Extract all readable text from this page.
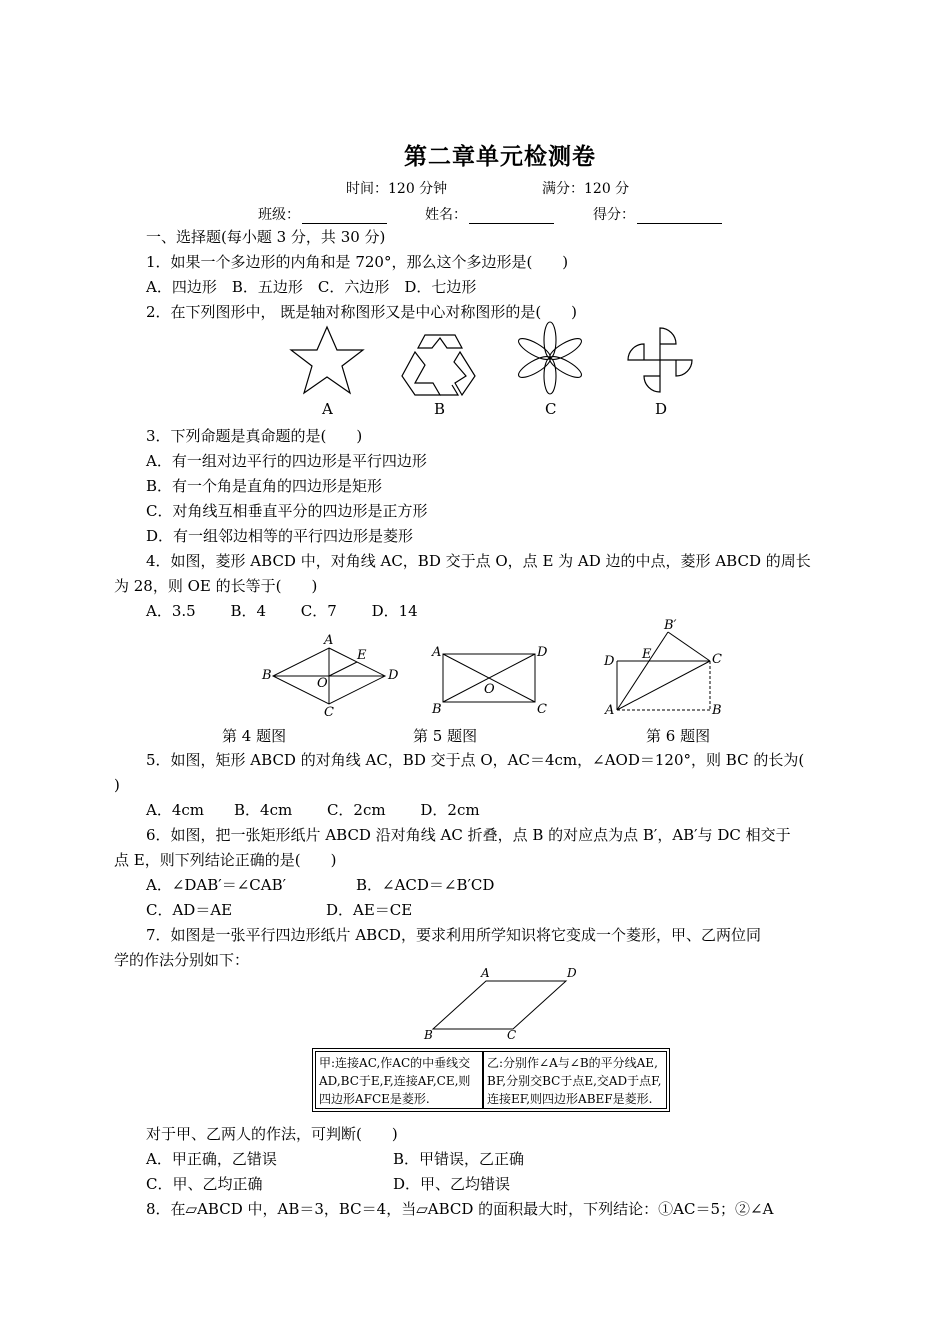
第二章单元检测卷
时间：120 分钟	满分：120 分
班级：	姓名：	得分：
一、选择题(每小题 3 分，共 30 分)
1．如果一个多边形的内角和是 720°，那么这个多边形是(　　)
A．四边形　B．五边形　C．六边形　D．七边形
2．在下列图形中， 既是轴对称图形又是中心对称图形的是(　　)
A	B	C	D
3．下列命题是真命题的是(　　)
A．有一组对边平行的四边形是平行四边形
B．有一个角是直角的四边形是矩形
C．对角线互相垂直平分的四边形是正方形
D．有一组邻边相等的平行四边形是菱形
4．如图，菱形 ABCD 中，对角线 AC，BD 交于点 O，点 E 为 AD 边的中点，菱形 ABCD 的周长
为 28，则 OE 的长等于(　　)
A．3.5　　 B．4　　 C．7　　 D．14
A
B
C
D
E
O
A
B	C
D
O
A	B
C
D E
B′
第 4 题图	第 5 题图	第 6 题图
5．如图，矩形 ABCD 的对角线 AC，BD 交于点 O，AC＝4cm，∠AOD＝120°，则 BC 的长为(
)
A．4cm　　B．4cm　　 C．2cm　　 D．2cm
6．如图，把一张矩形纸片 ABCD 沿对角线 AC 折叠，点 B 的对应点为点 B′，AB′与 DC 相交于
点 E，则下列结论正确的是(　　)
A．∠DAB′＝∠CAB′	B．∠ACD＝∠B′CD
C．AD＝AE	D．AE＝CE
7．如图是一张平行四边形纸片 ABCD，要求利用所学知识将它变成一个菱形，甲、乙两位同
学的作法分别如下：
A	D
B	C
甲:连接AC,作AC的中垂线交
AD,BC于E,F,连接AF,CE,则
四边形AFCE是菱形.
乙:分别作∠A与∠B的平分线AE,
BF,分别交BC于点E,交AD于点F,
连接EF,则四边形ABEF是菱形.
对于甲、乙两人的作法，可判断(　　)
A．甲正确，乙错误	B．甲错误，乙正确
C．甲、乙均正确	D．甲、乙均错误
8．在▱ABCD 中，AB＝3，BC＝4，当▱ABCD 的面积最大时，下列结论：①AC＝5；②∠A
